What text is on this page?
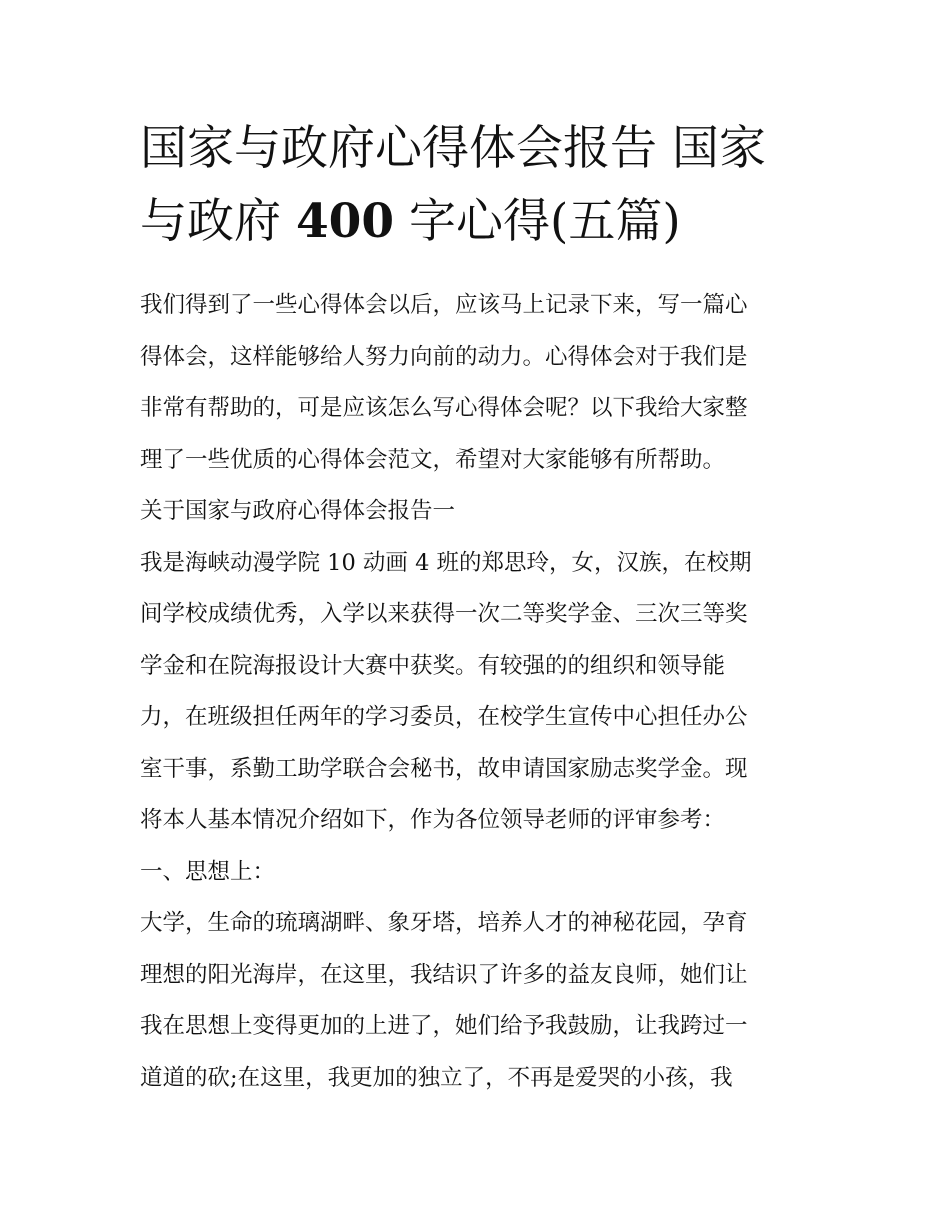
国家与政府心得体会报告 国家
与政府 400 字心得(五篇)
我们得到了一些心得体会以后，应该马上记录下来，写一篇心
得体会，这样能够给人努力向前的动力。心得体会对于我们是
非常有帮助的，可是应该怎么写心得体会呢？以下我给大家整
理了一些优质的心得体会范文，希望对大家能够有所帮助。
关于国家与政府心得体会报告一
我是海峡动漫学院 10 动画 4 班的郑思玲，女，汉族，在校期
间学校成绩优秀，入学以来获得一次二等奖学金、三次三等奖
学金和在院海报设计大赛中获奖。有较强的的组织和领导能
力，在班级担任两年的学习委员，在校学生宣传中心担任办公
室干事，系勤工助学联合会秘书，故申请国家励志奖学金。现
将本人基本情况介绍如下，作为各位领导老师的评审参考：
一、思想上：
大学，生命的琉璃湖畔、象牙塔，培养人才的神秘花园，孕育
理想的阳光海岸，在这里，我结识了许多的益友良师，她们让
我在思想上变得更加的上进了，她们给予我鼓励，让我跨过一
道道的砍;在这里，我更加的独立了，不再是爱哭的小孩，我
